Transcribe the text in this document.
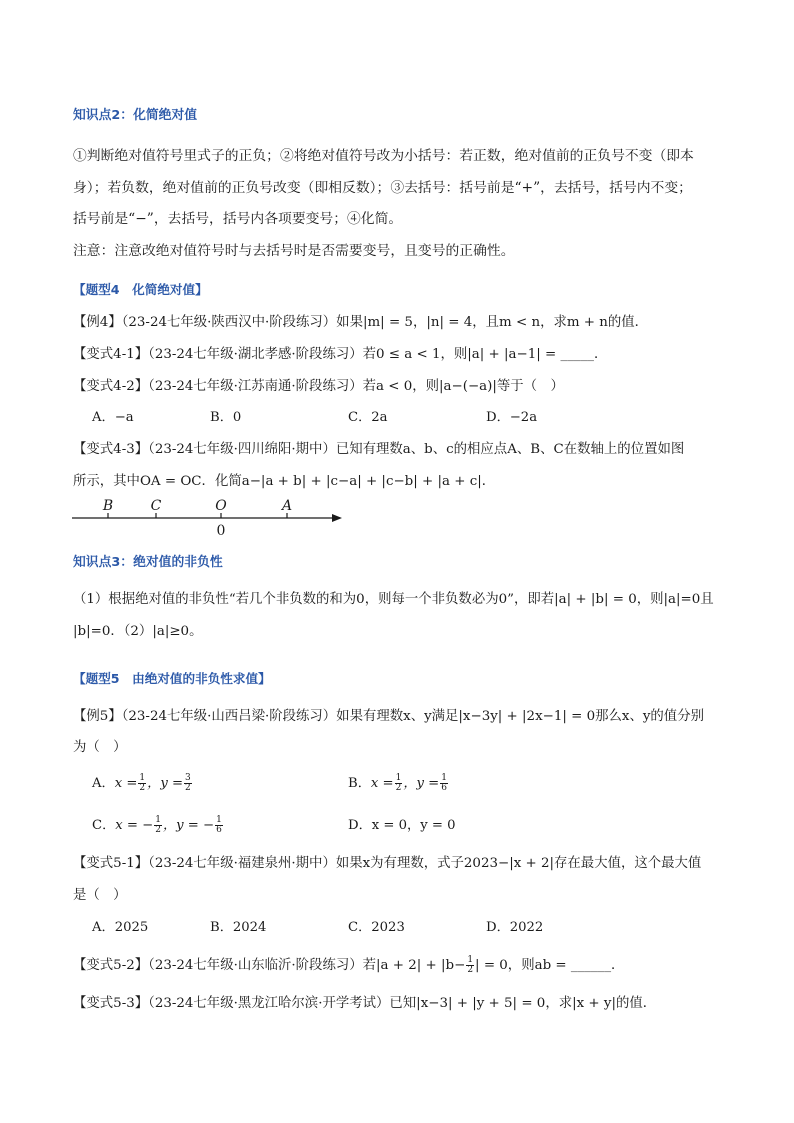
知识点2：化简绝对值
①判断绝对值符号里式子的正负；②将绝对值符号改为小括号：若正数，绝对值前的正负号不变（即本
身）；若负数，绝对值前的正负号改变（即相反数）；③去括号：括号前是“+”，去括号，括号内不变；
括号前是“−”，去括号，括号内各项要变号；④化简。
注意：注意改绝对值符号时与去括号时是否需要变号，且变号的正确性。
【题型4　化简绝对值】
【例4】（23-24七年级·陕西汉中·阶段练习）如果|m| = 5，|n| = 4，且m < n，求m + n的值．
【变式4-1】（23-24七年级·湖北孝感·阶段练习）若0 ≤ a < 1，则|a| + |a−1| = _____．
【变式4-2】（23-24七年级·江苏南通·阶段练习）若a < 0，则|a−(−a)|等于（　）
A．−a	B．0	C．2a	D．−2a
【变式4-3】（23-24七年级·四川绵阳·期中）已知有理数a、b、c的相应点A、B、C在数轴上的位置如图
所示，其中OA = OC．化简a−|a + b| + |c−a| + |c−b| + |a + c|．
B	C	O	A
0
知识点3：绝对值的非负性
（1）根据绝对值的非负性“若几个非负数的和为0，则每一个非负数必为0”，即若|a| + |b| = 0，则|a|=0且
|b|=0．（2）|a|≥0。
【题型5　由绝对值的非负性求值】
【例5】（23-24七年级·山西吕梁·阶段练习）如果有理数x、y满足|x−3y| + |2x−1| = 0那么x、y的值分别
为（　）
A．$x = \frac{1}{2}$ ，$y = \frac{3}{2}$	B．$x = \frac{1}{2}$ ，$y = \frac{1}{6}$
C．x = − $\frac{1}{2}$ ，y = − $\frac{1}{6}$	D．x = 0，y = 0
【变式5-1】（23-24七年级·福建泉州·期中）如果x为有理数，式子2023−|x + 2|存在最大值，这个最大值
是（　）
A．2025	B．2024	C．2023	D．2022
【变式5-2】（23-24七年级·山东临沂·阶段练习）若$|a + 2| + |b- \frac{1}{2}$ | = 0，则ab = ______．
【变式5-3】（23-24七年级·黑龙江哈尔滨·开学考试）已知|x−3| + |y + 5| = 0，求|x + y|的值．
